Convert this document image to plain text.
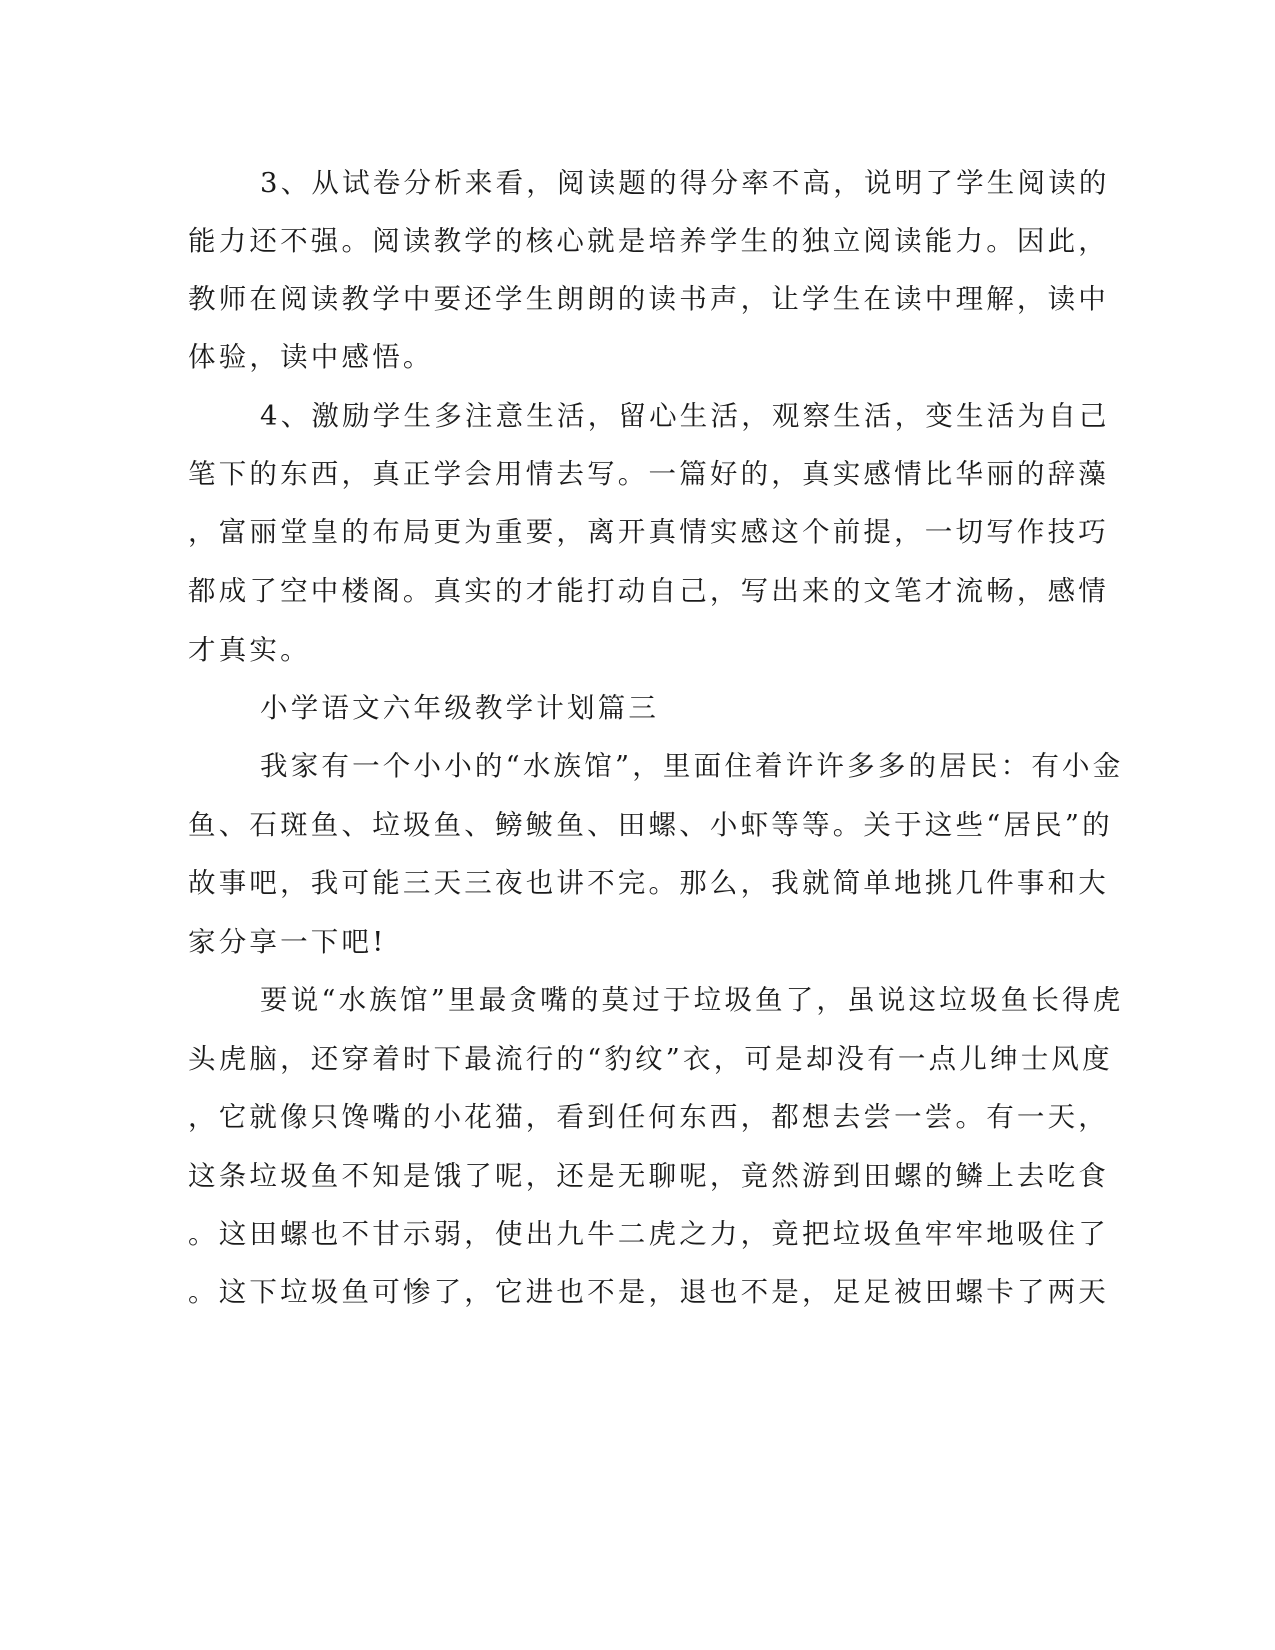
3、从试卷分析来看，阅读题的得分率不高，说明了学生阅读的
能力还不强。阅读教学的核心就是培养学生的独立阅读能力。因此，
教师在阅读教学中要还学生朗朗的读书声，让学生在读中理解，读中
体验，读中感悟。
4、激励学生多注意生活，留心生活，观察生活，变生活为自己
笔下的东西，真正学会用情去写。一篇好的，真实感情比华丽的辞藻
，富丽堂皇的布局更为重要，离开真情实感这个前提，一切写作技巧
都成了空中楼阁。真实的才能打动自己，写出来的文笔才流畅，感情
才真实。
小学语文六年级教学计划篇三
我家有一个小小的“水族馆”，里面住着许许多多的居民：有小金
鱼、石斑鱼、垃圾鱼、鳑鲏鱼、田螺、小虾等等。关于这些“居民”的
故事吧，我可能三天三夜也讲不完。那么，我就简单地挑几件事和大
家分享一下吧!
要说“水族馆”里最贪嘴的莫过于垃圾鱼了，虽说这垃圾鱼长得虎
头虎脑，还穿着时下最流行的“豹纹”衣，可是却没有一点儿绅士风度
，它就像只馋嘴的小花猫，看到任何东西，都想去尝一尝。有一天，
这条垃圾鱼不知是饿了呢，还是无聊呢，竟然游到田螺的鳞上去吃食
。这田螺也不甘示弱，使出九牛二虎之力，竟把垃圾鱼牢牢地吸住了
。这下垃圾鱼可惨了，它进也不是，退也不是，足足被田螺卡了两天
